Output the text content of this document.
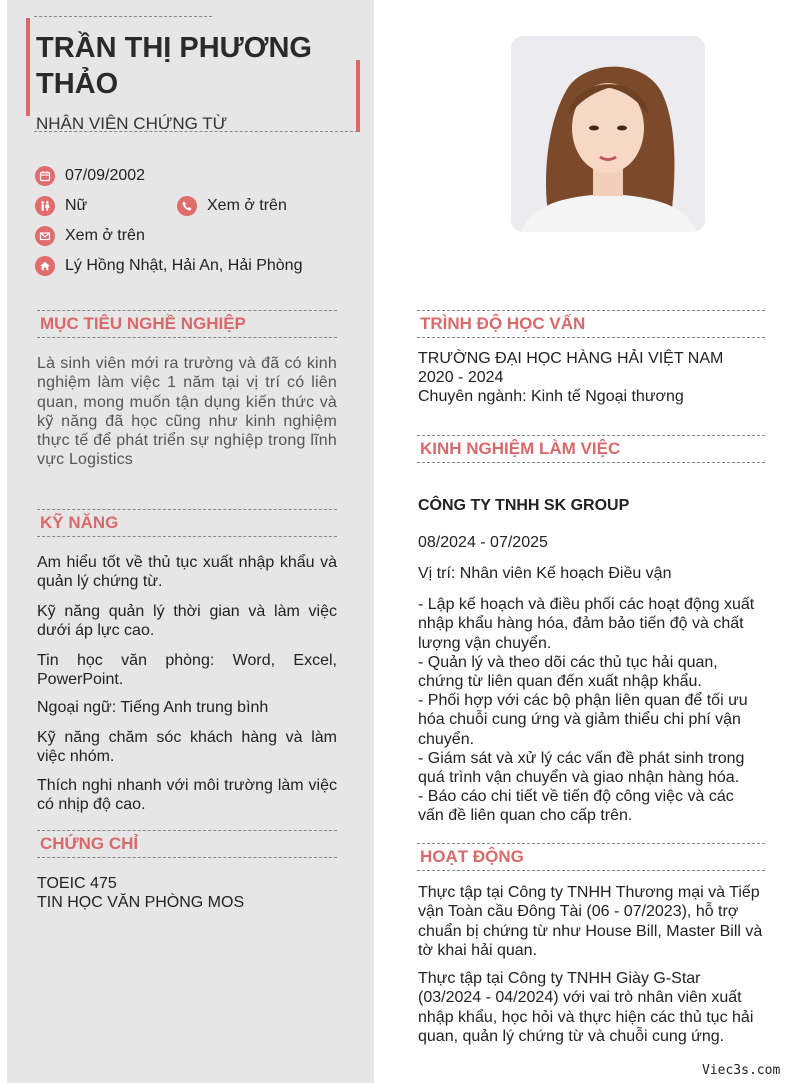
TRẦN THỊ PHƯƠNG THẢO
NHÂN VIÊN CHỨNG TỪ
07/09/2002
Nữ	Xem ở trên
Xem ở trên
Lý Hồng Nhật, Hải An, Hải Phòng
MỤC TIÊU NGHỀ NGHIỆP
Là sinh viên mới ra trường và đã có kinh nghiệm làm việc 1 năm tại vị trí có liên quan, mong muốn tận dụng kiến thức và kỹ năng đã học cũng như kinh nghiệm thực tế để phát triển sự nghiệp trong lĩnh vực Logistics
KỸ NĂNG
Am hiểu tốt về thủ tục xuất nhập khẩu và quản lý chứng từ.
Kỹ năng quản lý thời gian và làm việc dưới áp lực cao.
Tin học văn phòng: Word, Excel, PowerPoint.
Ngoại ngữ: Tiếng Anh trung bình
Kỹ năng chăm sóc khách hàng và làm việc nhóm.
Thích nghi nhanh với môi trường làm việc có nhịp độ cao.
CHỨNG CHỈ
TOEIC 475
TIN HỌC VĂN PHÒNG MOS
TRÌNH ĐỘ HỌC VẤN
TRƯỜNG ĐẠI HỌC HÀNG HẢI VIỆT NAM
2020 - 2024
Chuyên ngành: Kinh tế Ngoại thương
KINH NGHIỆM LÀM VIỆC
CÔNG TY TNHH SK GROUP
08/2024 - 07/2025
Vị trí: Nhân viên Kế hoạch Điều vận
- Lập kế hoạch và điều phối các hoạt động xuất nhập khẩu hàng hóa, đảm bảo tiến độ và chất lượng vận chuyển.
- Quản lý và theo dõi các thủ tục hải quan, chứng từ liên quan đến xuất nhập khẩu.
- Phối hợp với các bộ phận liên quan để tối ưu hóa chuỗi cung ứng và giảm thiểu chi phí vận chuyển.
- Giám sát và xử lý các vấn đề phát sinh trong quá trình vận chuyển và giao nhận hàng hóa.
- Báo cáo chi tiết về tiến độ công việc và các vấn đề liên quan cho cấp trên.
HOẠT ĐỘNG
Thực tập tại Công ty TNHH Thương mại và Tiếp vận Toàn cầu Đông Tài (06 - 07/2023), hỗ trợ chuẩn bị chứng từ như House Bill, Master Bill và tờ khai hải quan.
Thực tập tại Công ty TNHH Giày G-Star (03/2024 - 04/2024) với vai trò nhân viên xuất nhập khẩu, học hỏi và thực hiện các thủ tục hải quan, quản lý chứng từ và chuỗi cung ứng.
Viec3s.com
